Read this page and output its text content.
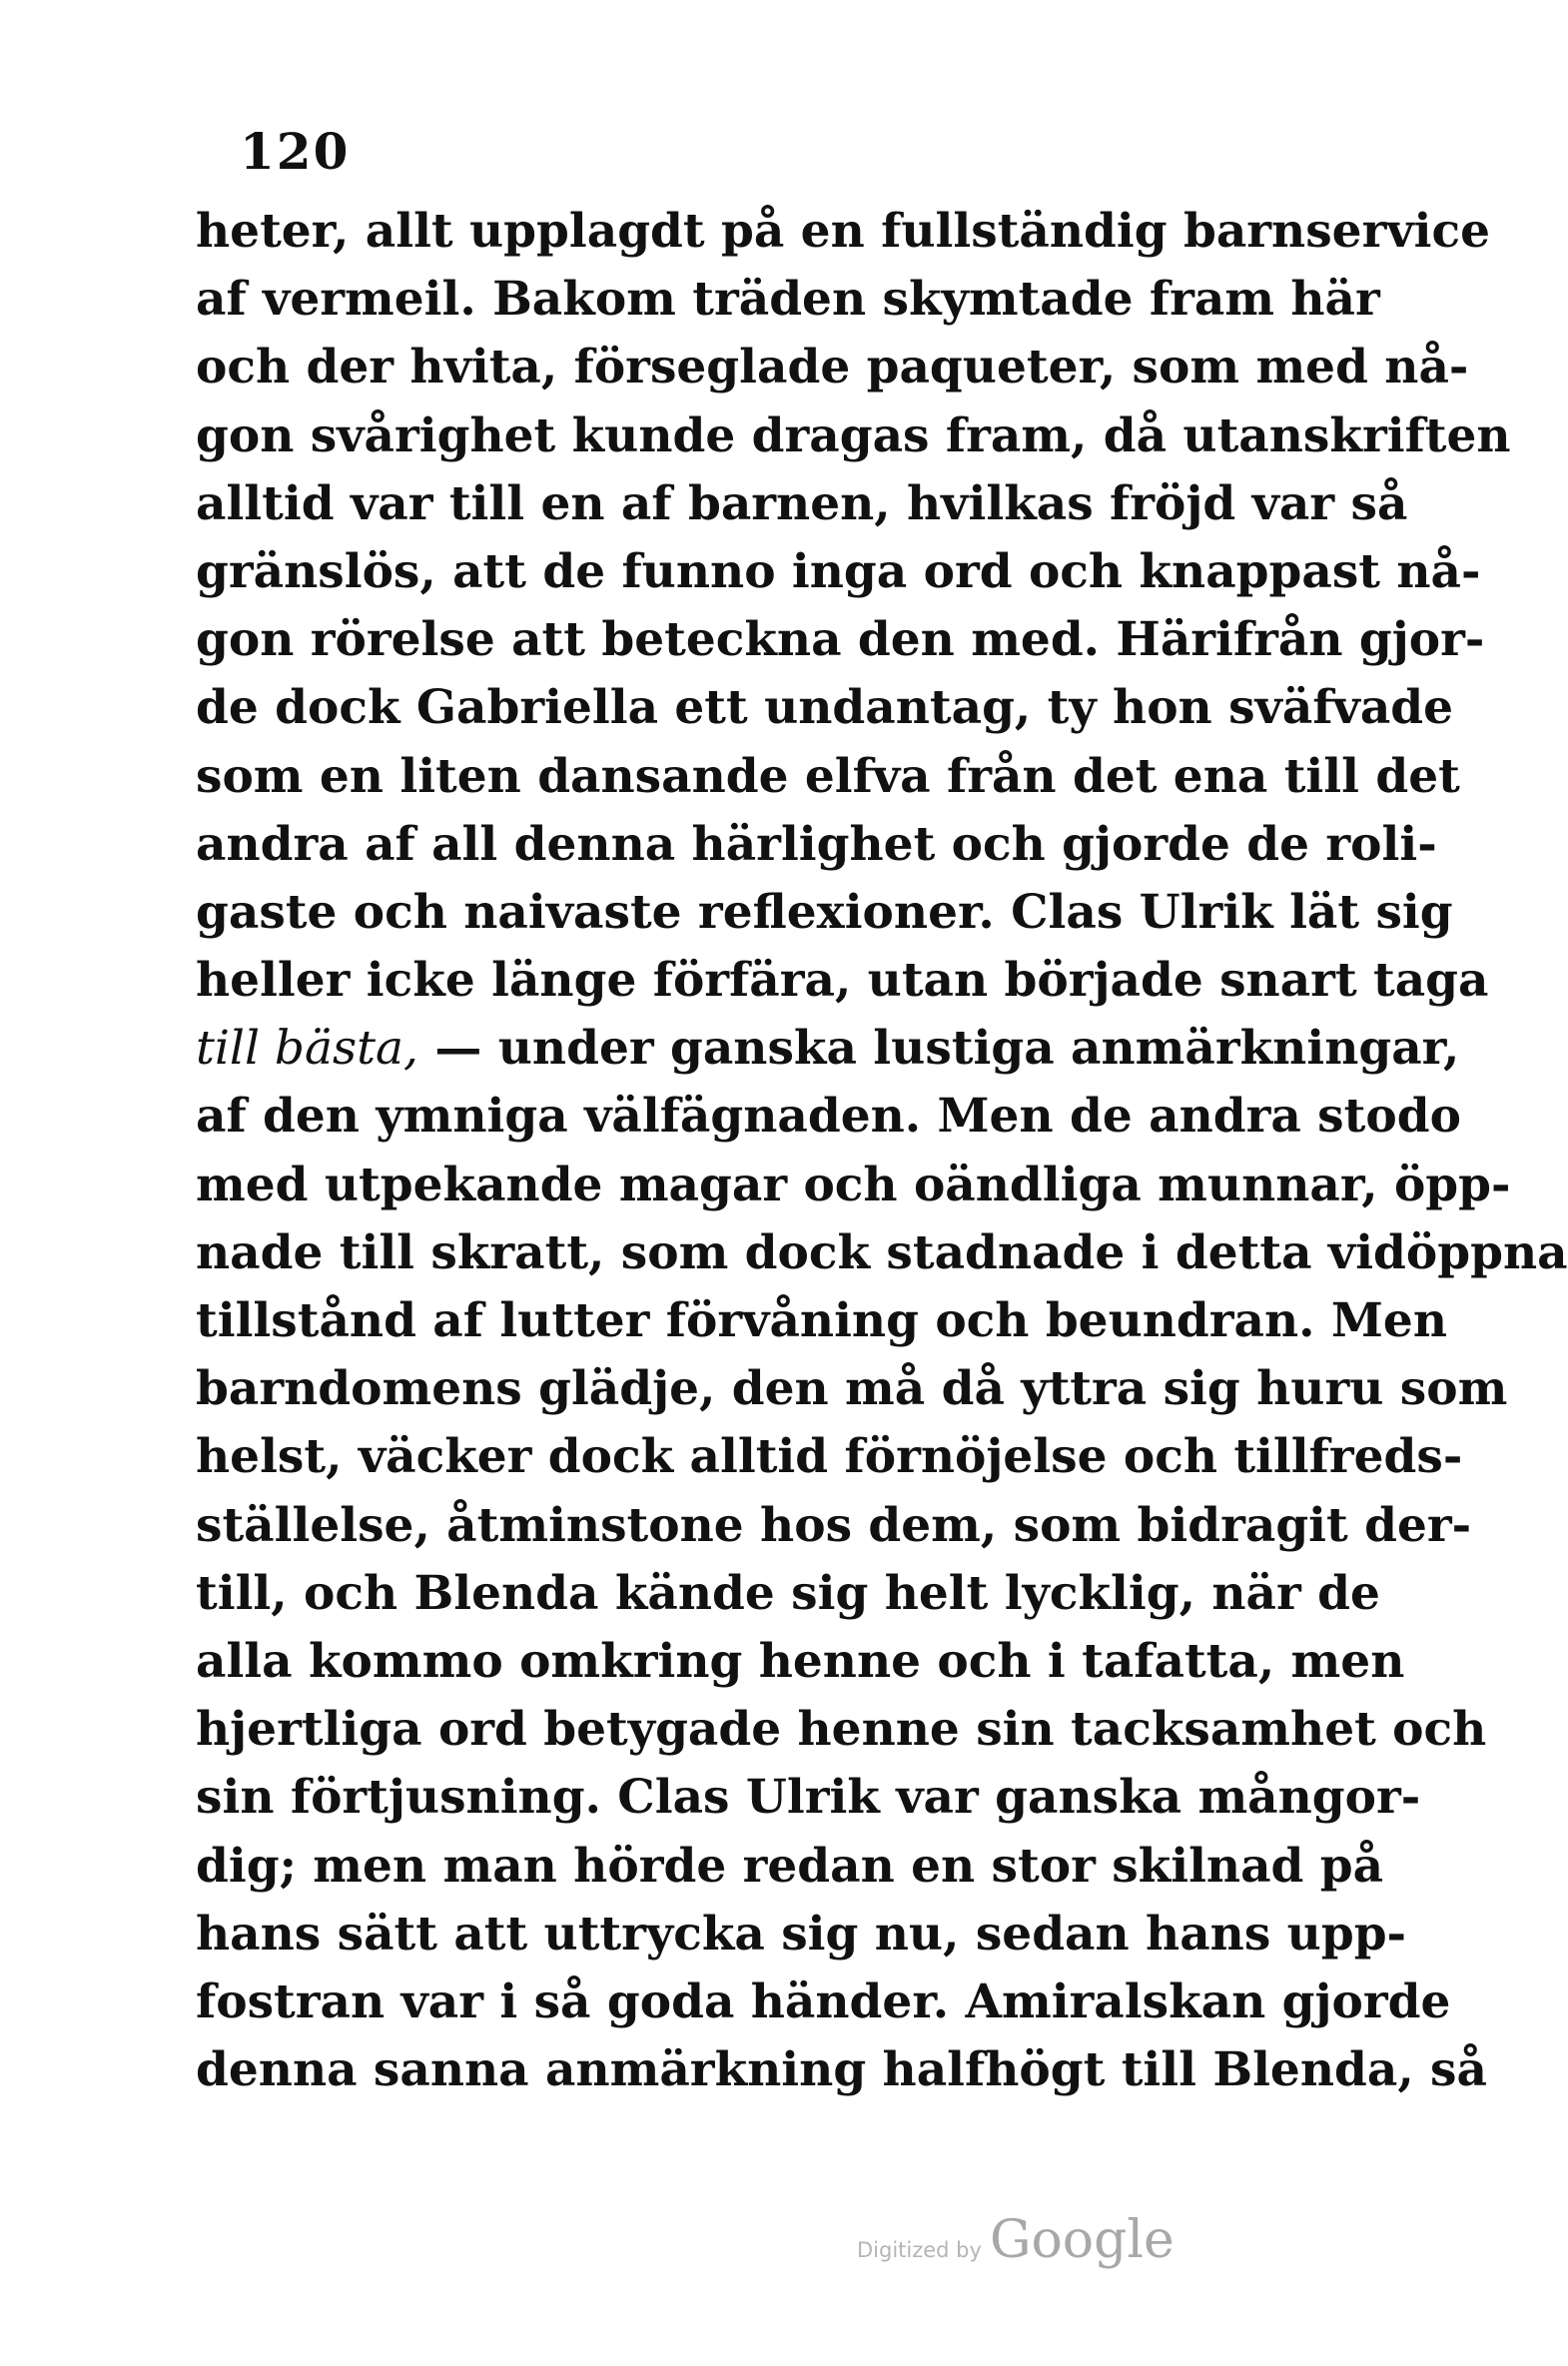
120
heter, allt upplagdt på en fullständig barnservice
af vermeil. Bakom träden skymtade fram här
och der hvita, förseglade paqueter, som med nå-
gon svårighet kunde dragas fram, då utanskriften
alltid var till en af barnen, hvilkas fröjd var så
gränslös, att de funno inga ord och knappast nå-
gon rörelse att beteckna den med. Härifrån gjor-
de dock Gabriella ett undantag, ty hon sväfvade
som en liten dansande elfva från det ena till det
andra af all denna härlighet och gjorde de roli-
gaste och naivaste reflexioner. Clas Ulrik lät sig
heller icke länge förfära, utan började snart taga
till bästa, — under ganska lustiga anmärkningar,
af den ymniga välfägnaden. Men de andra stodo
med utpekande magar och oändliga munnar, öpp-
nade till skratt, som dock stadnade i detta vidöppna
tillstånd af lutter förvåning och beundran. Men
barndomens glädje, den må då yttra sig huru som
helst, väcker dock alltid förnöjelse och tillfreds-
ställelse, åtminstone hos dem, som bidragit der-
till, och Blenda kände sig helt lycklig, när de
alla kommo omkring henne och i tafatta, men
hjertliga ord betygade henne sin tacksamhet och
sin förtjusning. Clas Ulrik var ganska mångor-
dig; men man hörde redan en stor skilnad på
hans sätt att uttrycka sig nu, sedan hans upp-
fostran var i så goda händer. Amiralskan gjorde
denna sanna anmärkning halfhögt till Blenda, så
Digitized by Google
